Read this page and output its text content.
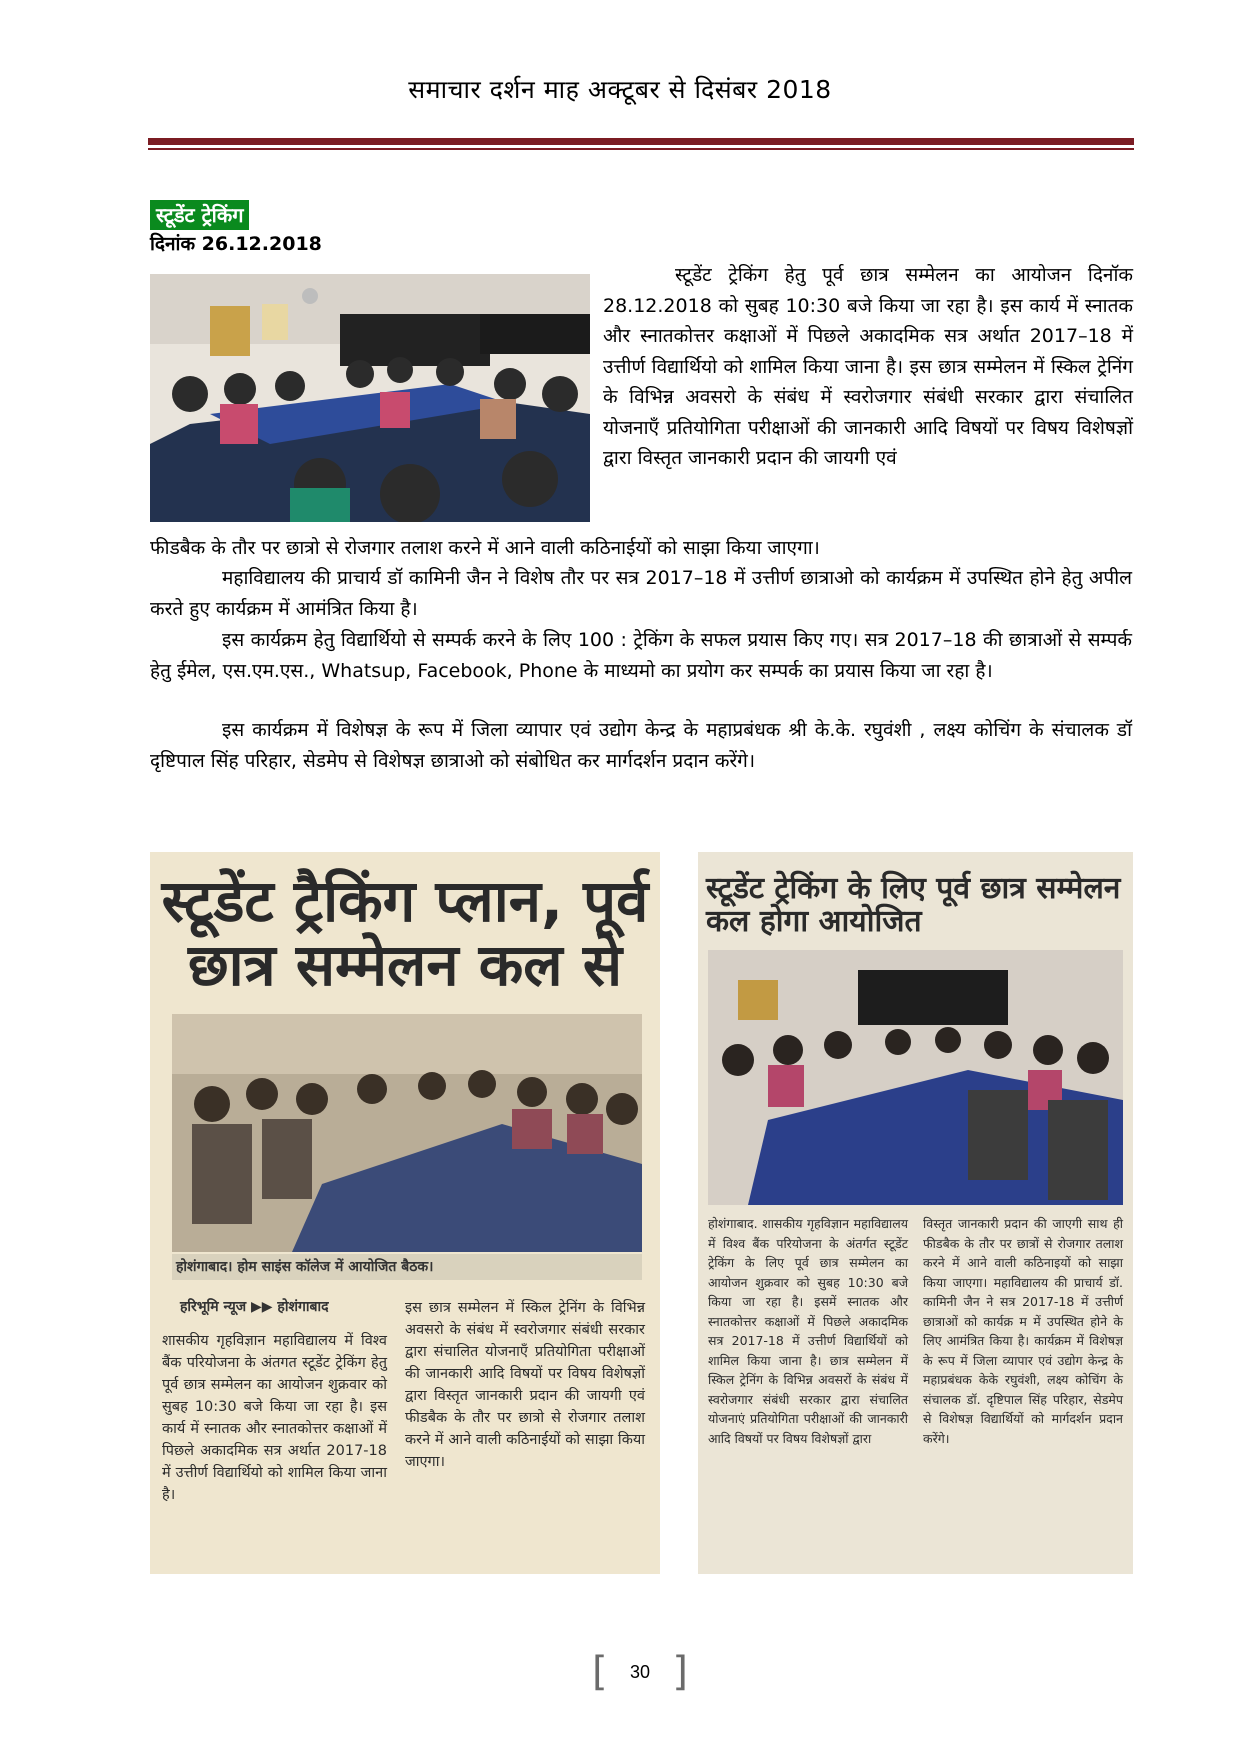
समाचार दर्शन माह अक्टूबर से दिसंबर 2018
स्टूडेंट ट्रेकिंग
दिनांक 26.12.2018
स्टूडेंट ट्रेकिंग हेतु पूर्व छात्र सम्मेलन का आयोजन दिनॉक 28.12.2018 को सुबह 10:30 बजे किया जा रहा है। इस कार्य में स्नातक और स्नातकोत्तर कक्षाओं में पिछले अकादमिक सत्र अर्थात 2017–18 में उत्तीर्ण विद्यार्थियो को शामिल किया जाना है। इस छात्र सम्मेलन में स्किल ट्रेनिंग के विभिन्न अवसरो के संबंध में स्वरोजगार संबंधी सरकार द्वारा संचालित योजनाऍं प्रतियोगिता परीक्षाओं की जानकारी आदि विषयों पर विषय विशेषज्ञों द्वारा विस्तृत जानकारी प्रदान की जायगी एवं
फीडबैक के तौर पर छात्रो से रोजगार तलाश करने में आने वाली कठिनाईयों को साझा किया जाएगा।
महाविद्यालय की प्राचार्य डॉ कामिनी जैन ने विशेष तौर पर सत्र 2017–18 में उत्तीर्ण छात्राओ को कार्यक्रम में उपस्थित होने हेतु अपील करते हुए कार्यक्रम में आमंत्रित किया है।
इस कार्यक्रम हेतु विद्यार्थियो से सम्पर्क करने के लिए 100 : ट्रेकिंग के सफल प्रयास किए गए। सत्र 2017–18 की छात्राओं से सम्पर्क हेतु ईमेल, एस.एम.एस., Whatsup, Facebook, Phone के माध्यमो का प्रयोग कर सम्पर्क का प्रयास किया जा रहा है।
इस कार्यक्रम में विशेषज्ञ के रूप में जिला व्यापार एवं उद्योग केन्द्र के महाप्रबंधक श्री के.के. रघुवंशी , लक्ष्य कोचिंग के संचालक डॉ दृष्टिपाल सिंह परिहार, सेडमेप से विशेषज्ञ छात्राओ को संबोधित कर मार्गदर्शन प्रदान करेंगे।
स्टूडेंट ट्रैकिंग प्लान, पूर्व छात्र सम्मेलन कल से
होशंगाबाद। होम साइंस कॉलेज में आयोजित बैठक।
हरिभूमि न्यूज ▶▶ होशंगाबाद
शासकीय गृहविज्ञान महाविद्यालय में विश्व बैंक परियोजना के अंतगत स्टूडेंट ट्रेकिंग हेतु पूर्व छात्र सम्मेलन का आयोजन शुक्रवार को सुबह 10:30 बजे किया जा रहा है। इस कार्य में स्नातक और स्नातकोत्तर कक्षाओं में पिछले अकादमिक सत्र अर्थात 2017-18 में उत्तीर्ण विद्यार्थियो को शामिल किया जाना है।
इस छात्र सम्मेलन में स्किल ट्रेनिंग के विभिन्न अवसरो के संबंध में स्वरोजगार संबंधी सरकार द्वारा संचालित योजनाएँ प्रतियोगिता परीक्षाओं की जानकारी आदि विषयों पर विषय विशेषज्ञों द्वारा विस्तृत जानकारी प्रदान की जायगी एवं फीडबैक के तौर पर छात्रो से रोजगार तलाश करने में आने वाली कठिनाईयों को साझा किया जाएगा।
स्टूडेंट ट्रेकिंग के लिए पूर्व छात्र सम्मेलन कल होगा आयोजित
होशंगाबाद. शासकीय गृहविज्ञान महाविद्यालय में विश्व बैंक परियोजना के अंतर्गत स्टूडेंट ट्रेकिंग के लिए पूर्व छात्र सम्मेलन का आयोजन शुक्रवार को सुबह 10:30 बजे किया जा रहा है। इसमें स्नातक और स्नातकोत्तर कक्षाओं में पिछले अकादमिक सत्र 2017-18 में उत्तीर्ण विद्यार्थियों को शामिल किया जाना है। छात्र सम्मेलन में स्किल ट्रेनिंग के विभिन्न अवसरों के संबंध में स्वरोजगार संबंधी सरकार द्वारा संचालित योजनाएं प्रतियोगिता परीक्षाओं की जानकारी आदि विषयों पर विषय विशेषज्ञों द्वारा
विस्तृत जानकारी प्रदान की जाएगी साथ ही फीडबैक के तौर पर छात्रों से रोजगार तलाश करने में आने वाली कठिनाइयों को साझा किया जाएगा। महाविद्यालय की प्राचार्य डॉ. कामिनी जैन ने सत्र 2017-18 में उत्तीर्ण छात्राओं को कार्यक्र म में उपस्थित होने के लिए आमंत्रित किया है। कार्यक्रम में विशेषज्ञ के रूप में जिला व्यापार एवं उद्योग केन्द्र के महाप्रबंधक केके रघुवंशी, लक्ष्य कोचिंग के संचालक डॉ. दृष्टिपाल सिंह परिहार, सेडमेप से विशेषज्ञ विद्यार्थियों को मार्गदर्शन प्रदान करेंगे।
[	30 ]
